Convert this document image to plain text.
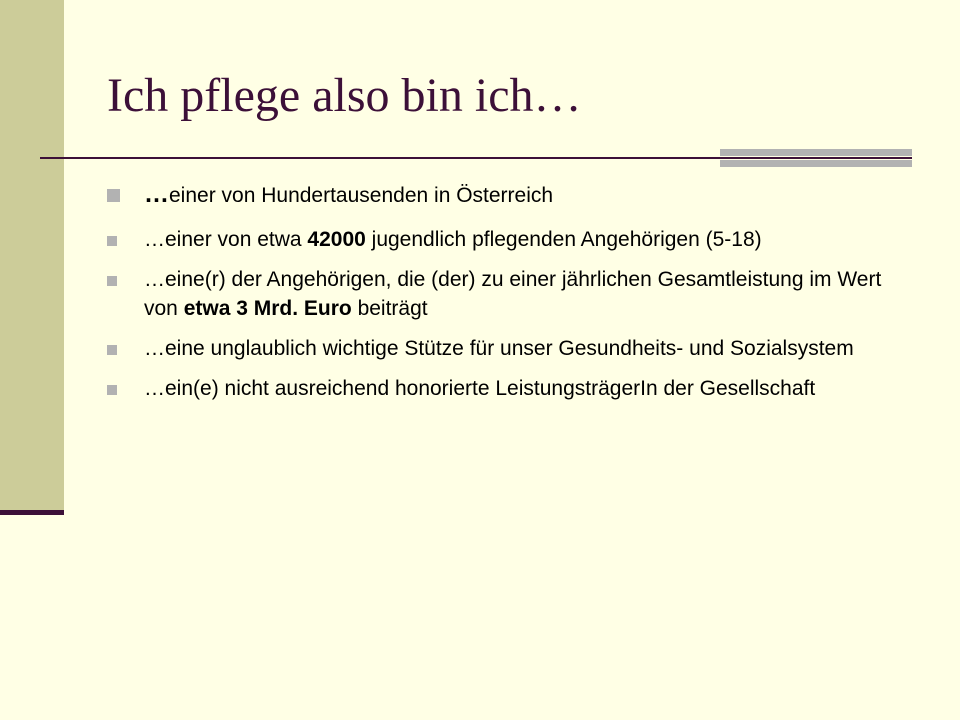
Ich pflege also bin ich…
…einer von Hundertausenden in Österreich
…einer von etwa 42000 jugendlich pflegenden Angehörigen (5-18)
…eine(r) der Angehörigen, die (der) zu einer jährlichen Gesamtleistung im Wert von etwa 3 Mrd. Euro beiträgt
…eine unglaublich wichtige Stütze für unser Gesundheits- und Sozialsystem
…ein(e) nicht ausreichend honorierte LeistungsträgerIn der Gesellschaft
